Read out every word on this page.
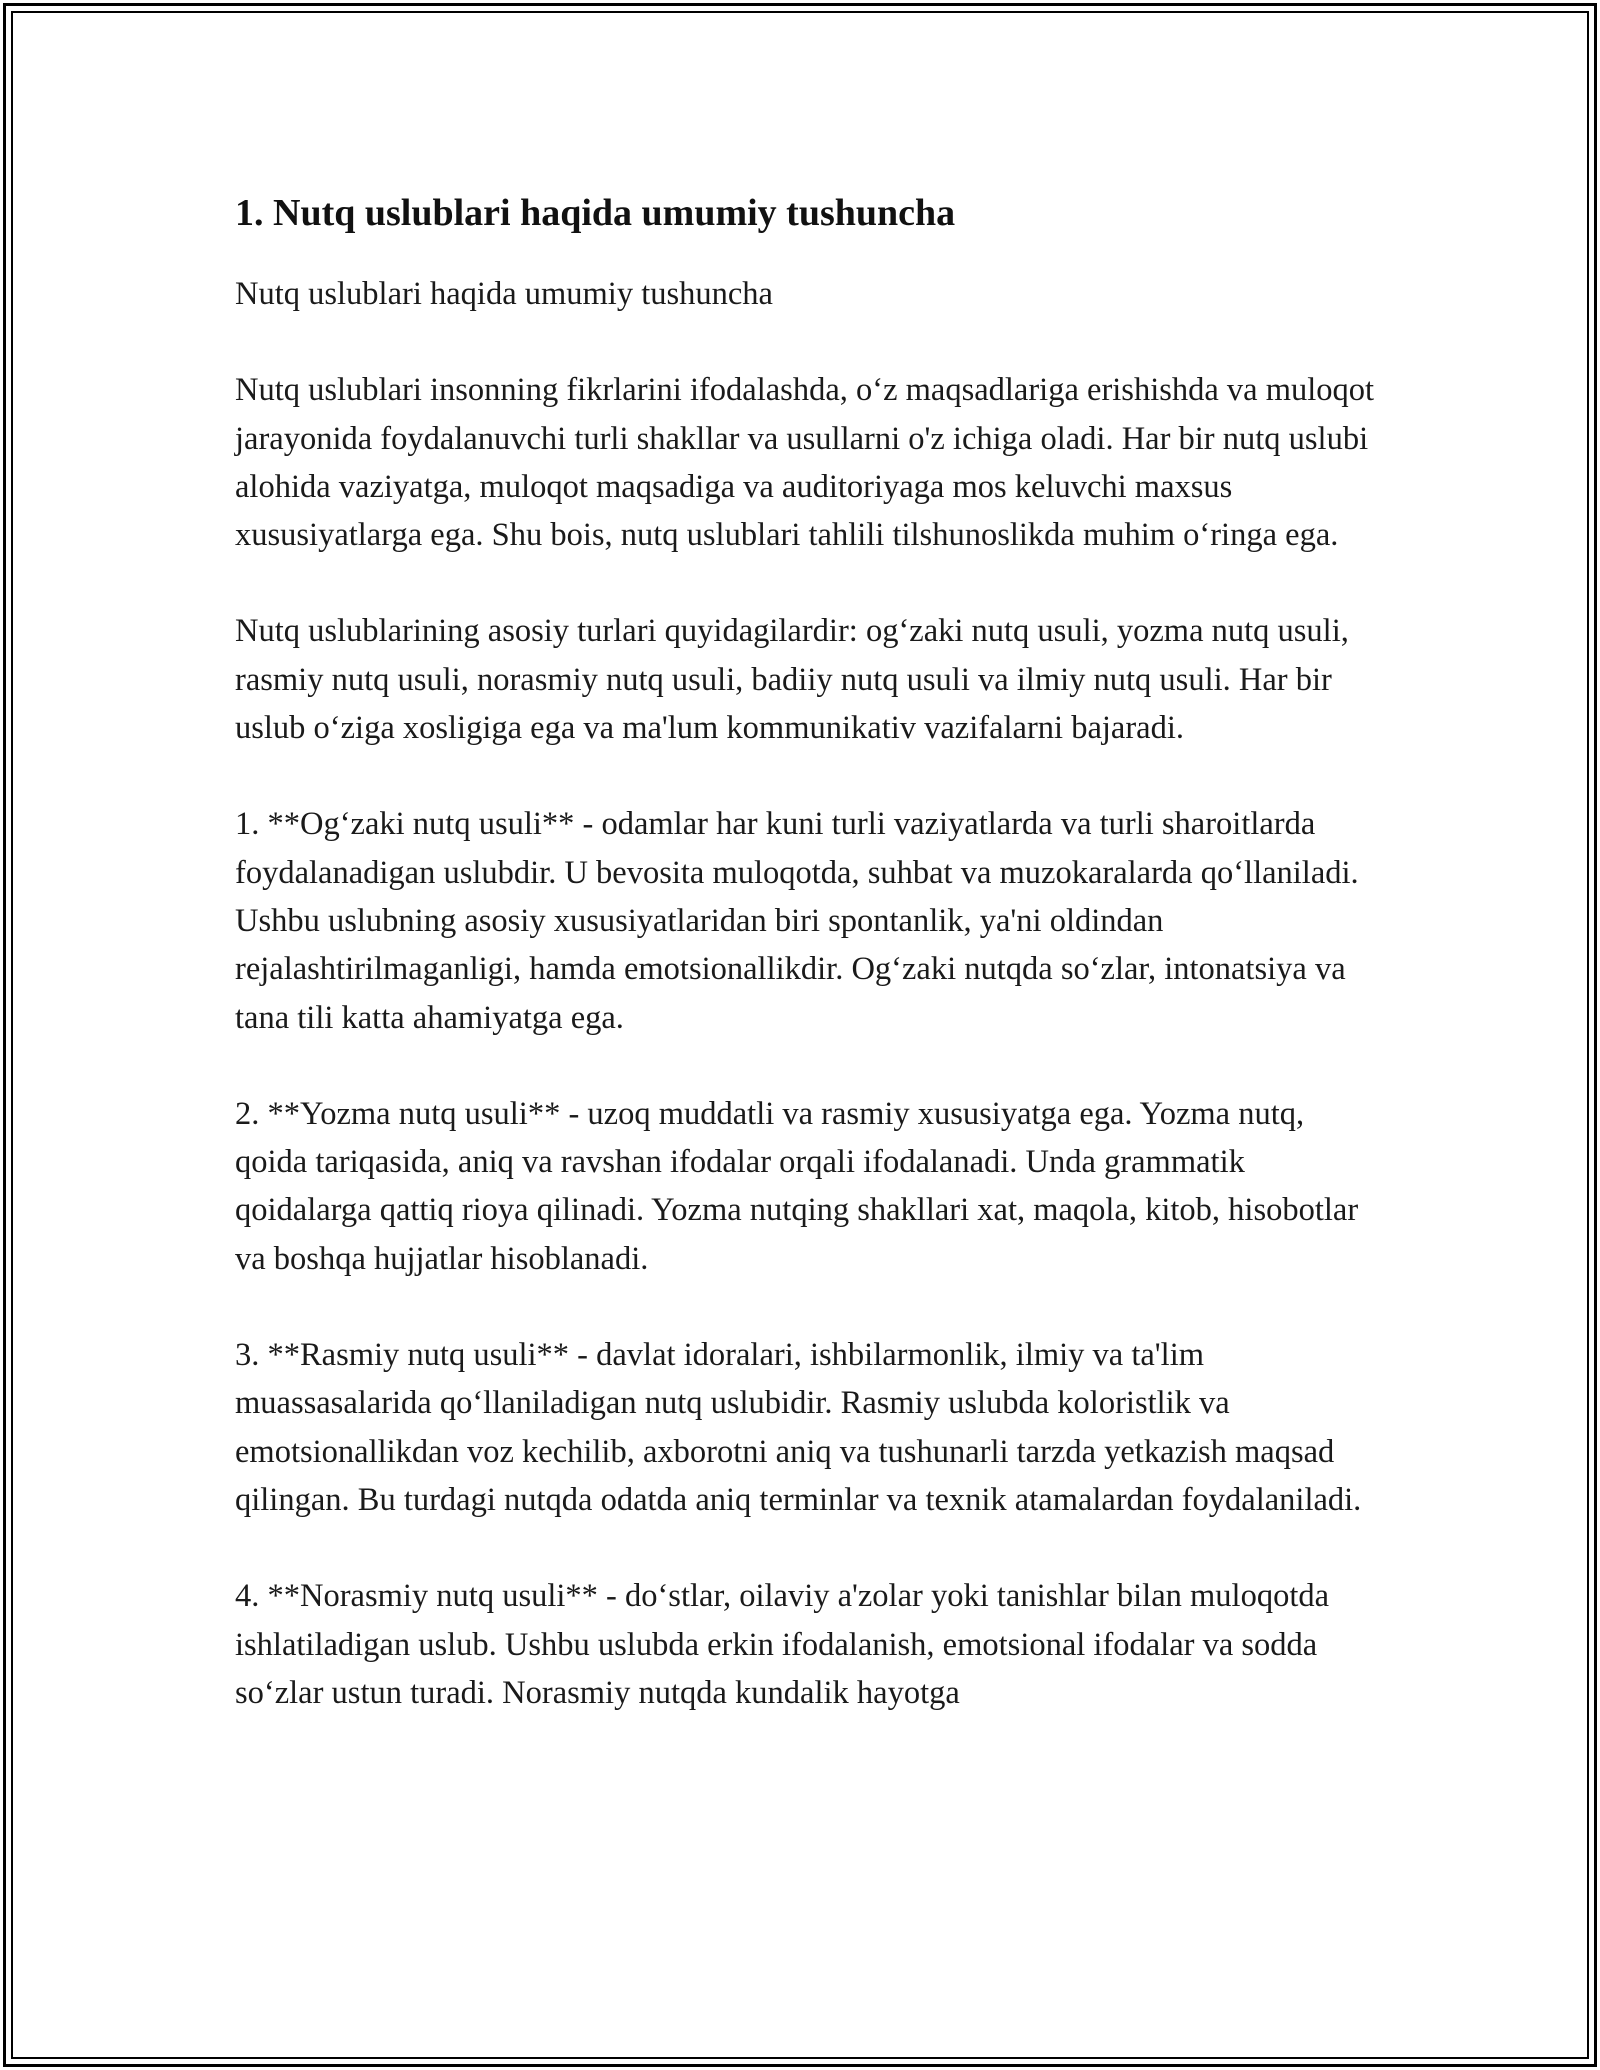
1. Nutq uslublari haqida umumiy tushuncha

Nutq uslublari haqida umumiy tushuncha

Nutq uslublari insonning fikrlarini ifodalashda, o‘z maqsadlariga erishishda va muloqot jarayonida foydalanuvchi turli shakllar va usullarni o'z ichiga oladi. Har bir nutq uslubi alohida vaziyatga, muloqot maqsadiga va auditoriyaga mos keluvchi maxsus xususiyatlarga ega. Shu bois, nutq uslublari tahlili tilshunoslikda muhim o‘ringa ega.

Nutq uslublarining asosiy turlari quyidagilardir: og‘zaki nutq usuli, yozma nutq usuli, rasmiy nutq usuli, norasmiy nutq usuli, badiiy nutq usuli va ilmiy nutq usuli. Har bir uslub o‘ziga xosligiga ega va ma'lum kommunikativ vazifalarni bajaradi.

1. **Og‘zaki nutq usuli** - odamlar har kuni turli vaziyatlarda va turli sharoitlarda foydalanadigan uslubdir. U bevosita muloqotda, suhbat va muzokaralarda qo‘llaniladi. Ushbu uslubning asosiy xususiyatlaridan biri spontanlik, ya'ni oldindan rejalashtirilmaganligi, hamda emotsionallikdir. Og‘zaki nutqda so‘zlar, intonatsiya va tana tili katta ahamiyatga ega.

2. **Yozma nutq usuli** - uzoq muddatli va rasmiy xususiyatga ega. Yozma nutq, qoida tariqasida, aniq va ravshan ifodalar orqali ifodalanadi. Unda grammatik qoidalarga qattiq rioya qilinadi. Yozma nutqing shakllari xat, maqola, kitob, hisobotlar va boshqa hujjatlar hisoblanadi.

3. **Rasmiy nutq usuli** - davlat idoralari, ishbilarmonlik, ilmiy va ta'lim muassasalarida qo‘llaniladigan nutq uslubidir. Rasmiy uslubda koloristlik va emotsionallikdan voz kechilib, axborotni aniq va tushunarli tarzda yetkazish maqsad qilingan. Bu turdagi nutqda odatda aniq terminlar va texnik atamalardan foydalaniladi.

4. **Norasmiy nutq usuli** - do‘stlar, oilaviy a'zolar yoki tanishlar bilan muloqotda ishlatiladigan uslub. Ushbu uslubda erkin ifodalanish, emotsional ifodalar va sodda so‘zlar ustun turadi. Norasmiy nutqda kundalik hayotga
